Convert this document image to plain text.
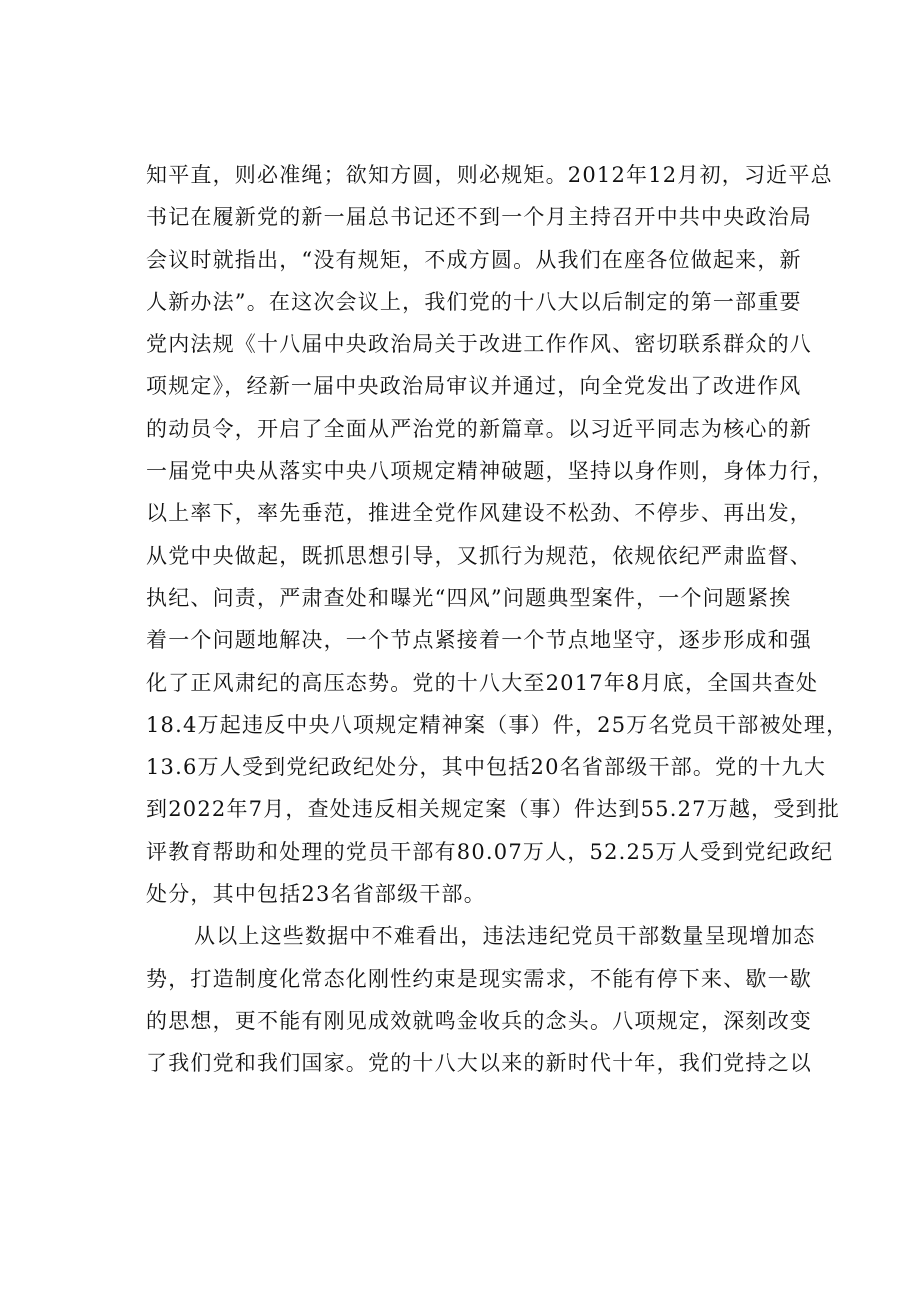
知平直，则必准绳；欲知方圆，则必规矩。2012年12月初，习近平总
书记在履新党的新一届总书记还不到一个月主持召开中共中央政治局
会议时就指出，“没有规矩，不成方圆。从我们在座各位做起来，新
人新办法”。在这次会议上，我们党的十八大以后制定的第一部重要
党内法规《十八届中央政治局关于改进工作作风、密切联系群众的八
项规定》，经新一届中央政治局审议并通过，向全党发出了改进作风
的动员令，开启了全面从严治党的新篇章。以习近平同志为核心的新
一届党中央从落实中央八项规定精神破题，坚持以身作则，身体力行，
以上率下，率先垂范，推进全党作风建设不松劲、不停步、再出发，
从党中央做起，既抓思想引导，又抓行为规范，依规依纪严肃监督、
执纪、问责，严肃查处和曝光“四风”问题典型案件，一个问题紧挨
着一个问题地解决，一个节点紧接着一个节点地坚守，逐步形成和强
化了正风肃纪的高压态势。党的十八大至2017年8月底，全国共查处
18.4万起违反中央八项规定精神案（事）件，25万名党员干部被处理，
13.6万人受到党纪政纪处分，其中包括20名省部级干部。党的十九大
到2022年7月，查处违反相关规定案（事）件达到55.27万越，受到批
评教育帮助和处理的党员干部有80.07万人，52.25万人受到党纪政纪
处分，其中包括23名省部级干部。
从以上这些数据中不难看出，违法违纪党员干部数量呈现增加态
势，打造制度化常态化刚性约束是现实需求，不能有停下来、歇一歇
的思想，更不能有刚见成效就鸣金收兵的念头。八项规定，深刻改变
了我们党和我们国家。党的十八大以来的新时代十年，我们党持之以
